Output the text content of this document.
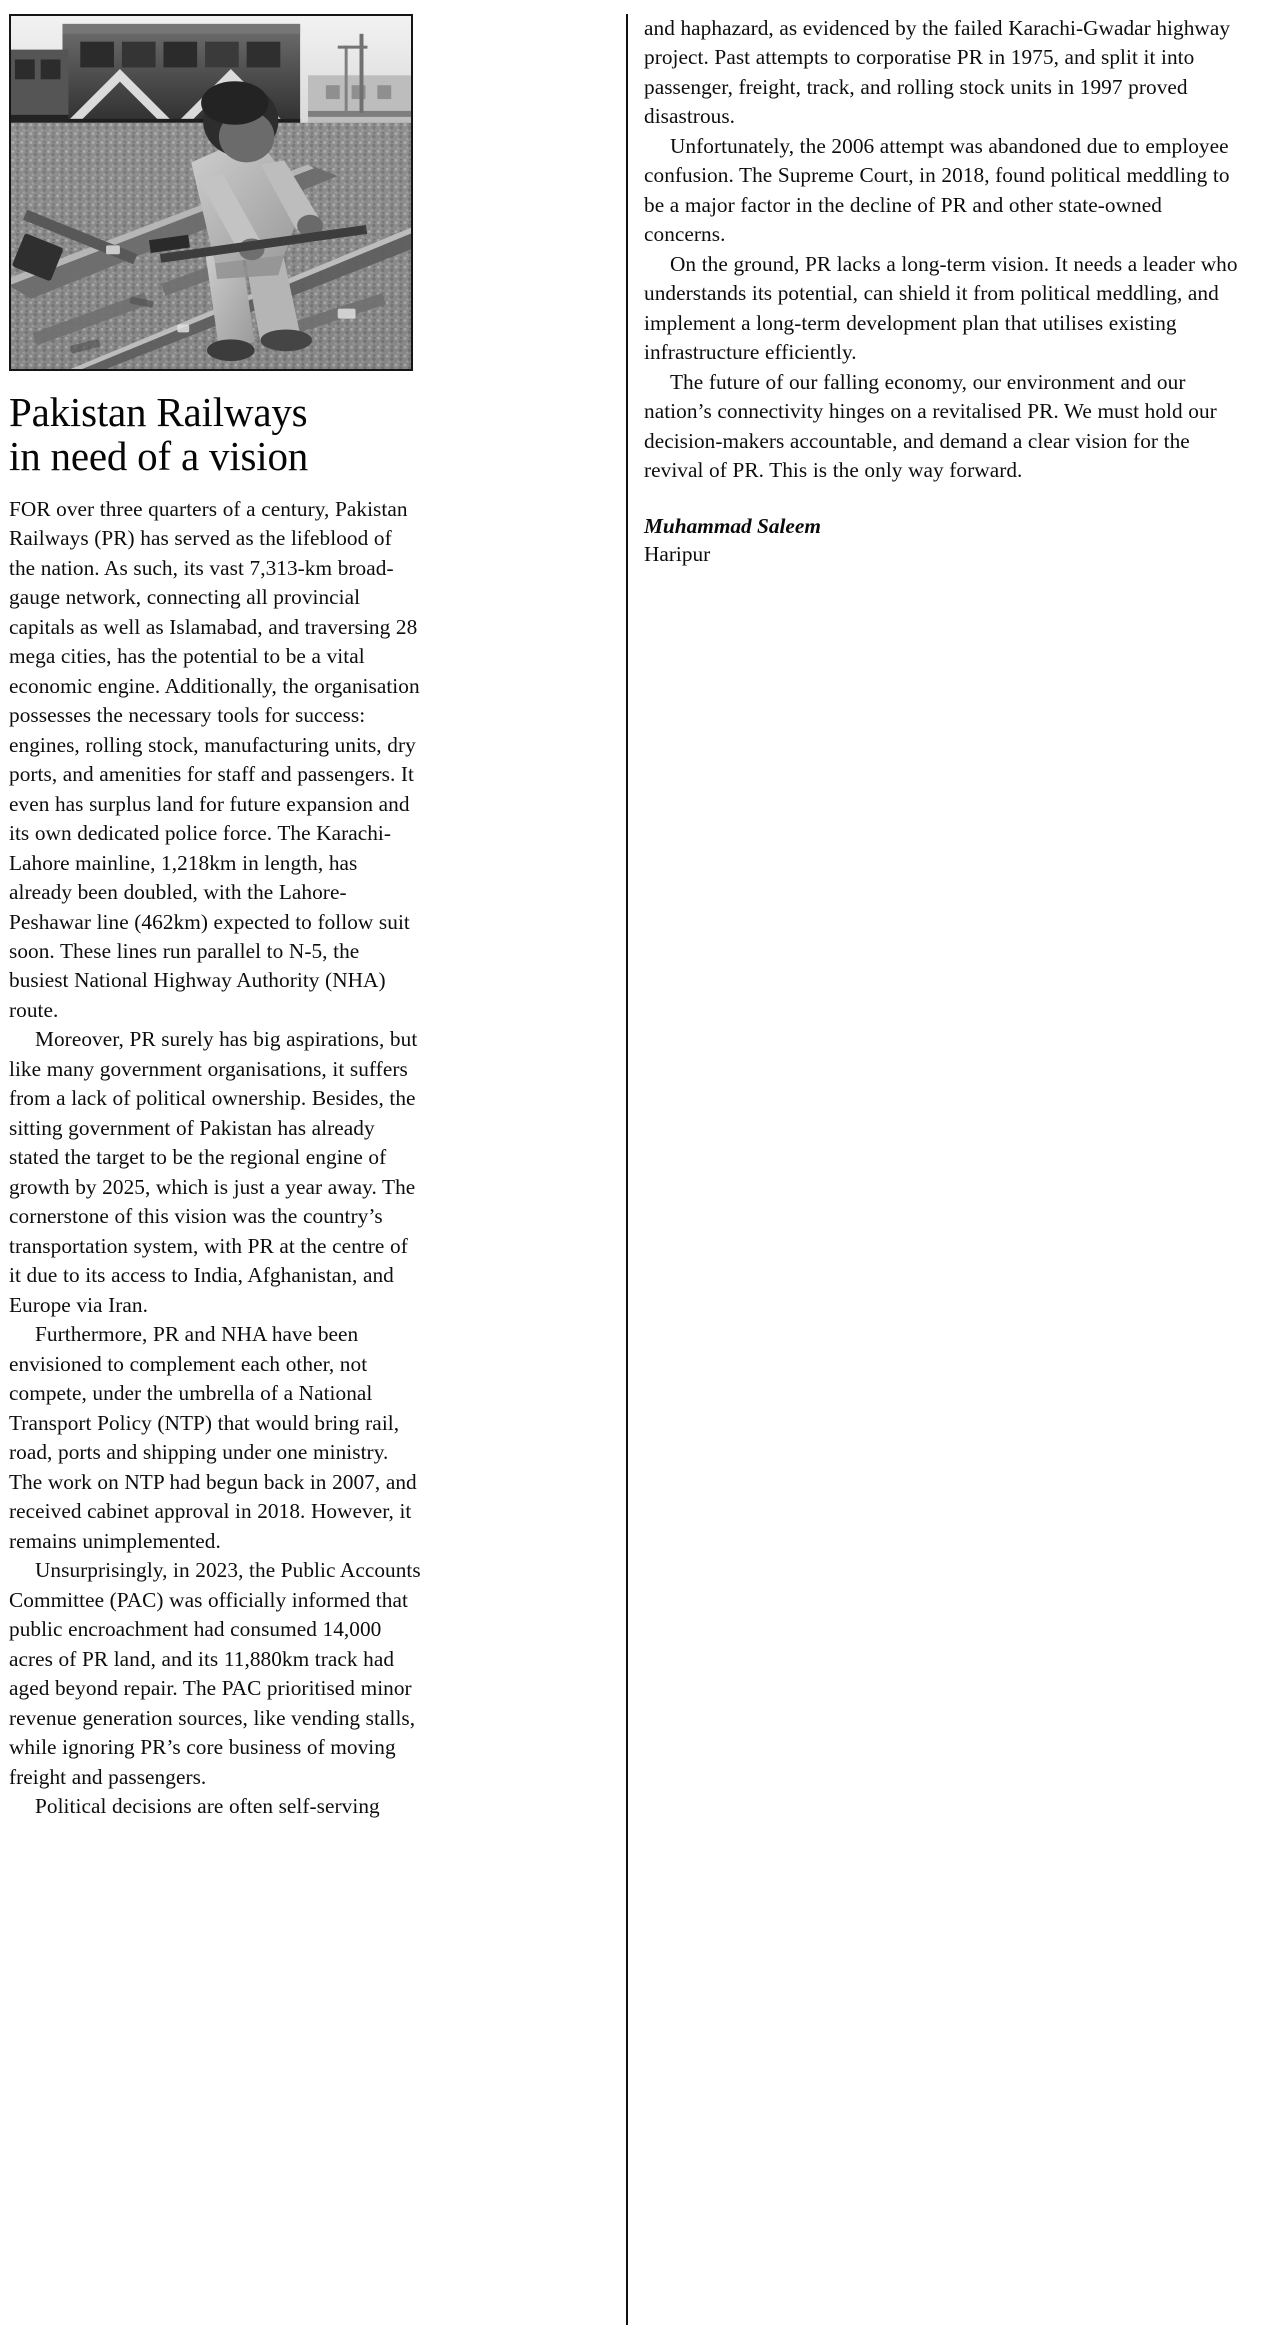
Pakistan Railways
in need of a vision

FOR over three quarters of a century, Pakistan Railways (PR) has served as the lifeblood of the nation. As such, its vast 7,313-km broad-gauge network, connecting all provincial capitals as well as Islamabad, and traversing 28 mega cities, has the potential to be a vital economic engine. Additionally, the organisation possesses the necessary tools for success: engines, rolling stock, manufacturing units, dry ports, and amenities for staff and passengers. It even has surplus land for future expansion and its own dedicated police force. The Karachi-Lahore mainline, 1,218km in length, has already been doubled, with the Lahore-Peshawar line (462km) expected to follow suit soon. These lines run parallel to N-5, the busiest National Highway Authority (NHA) route.

Moreover, PR surely has big aspirations, but like many government organisations, it suffers from a lack of political ownership. Besides, the sitting government of Pakistan has already stated the target to be the regional engine of growth by 2025, which is just a year away. The cornerstone of this vision was the country’s transportation system, with PR at the centre of it due to its access to India, Afghanistan, and Europe via Iran.

Furthermore, PR and NHA have been envisioned to complement each other, not compete, under the umbrella of a National Transport Policy (NTP) that would bring rail, road, ports and shipping under one ministry. The work on NTP had begun back in 2007, and received cabinet approval in 2018. However, it remains unimplemented.

Unsurprisingly, in 2023, the Public Accounts Committee (PAC) was officially informed that public encroachment had consumed 14,000 acres of PR land, and its 11,880km track had aged beyond repair. The PAC prioritised minor revenue generation sources, like vending stalls, while ignoring PR’s core business of moving freight and passengers.

Political decisions are often self-serving

and haphazard, as evidenced by the failed Karachi-Gwadar highway project. Past attempts to corporatise PR in 1975, and split it into passenger, freight, track, and rolling stock units in 1997 proved disastrous.

Unfortunately, the 2006 attempt was abandoned due to employee confusion. The Supreme Court, in 2018, found political meddling to be a major factor in the decline of PR and other state-owned concerns.

On the ground, PR lacks a long-term vision. It needs a leader who understands its potential, can shield it from political meddling, and implement a long-term development plan that utilises existing infrastructure efficiently.

The future of our falling economy, our environment and our nation’s connectivity hinges on a revitalised PR. We must hold our decision-makers accountable, and demand a clear vision for the revival of PR. This is the only way forward.

Muhammad Saleem
Haripur
